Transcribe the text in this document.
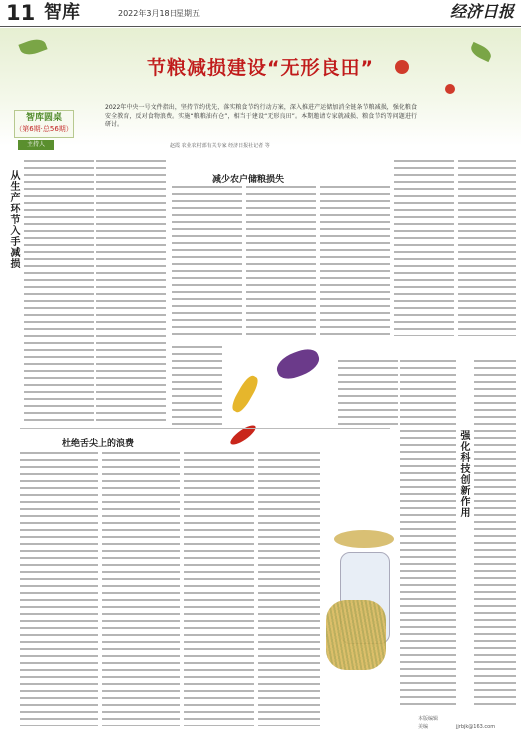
11 智库	2022年3月18日
星期五	经济日报
节粮减损建设“无形良田”
智库圆桌
（第6期·总56期）
主持人
2022年中央一号文件指出，坚持节约优先，落实粮食节约行动方案，深入推进产运储加消全链条节粮减损，强化粮食安全教育，反对食物浪费。实施“粮粮油有仓”，相当于建设“无形良田”。本期邀请专家就减损、粮食节约等问题进行研讨。
赵霞 农业农村部有关专家 经济日报社记者 等
从生产环节入手减损	减少农户储粮损失
杜绝舌尖上的浪费	强化科技创新作用
本版编辑
美编	jjrbjk@163.com
